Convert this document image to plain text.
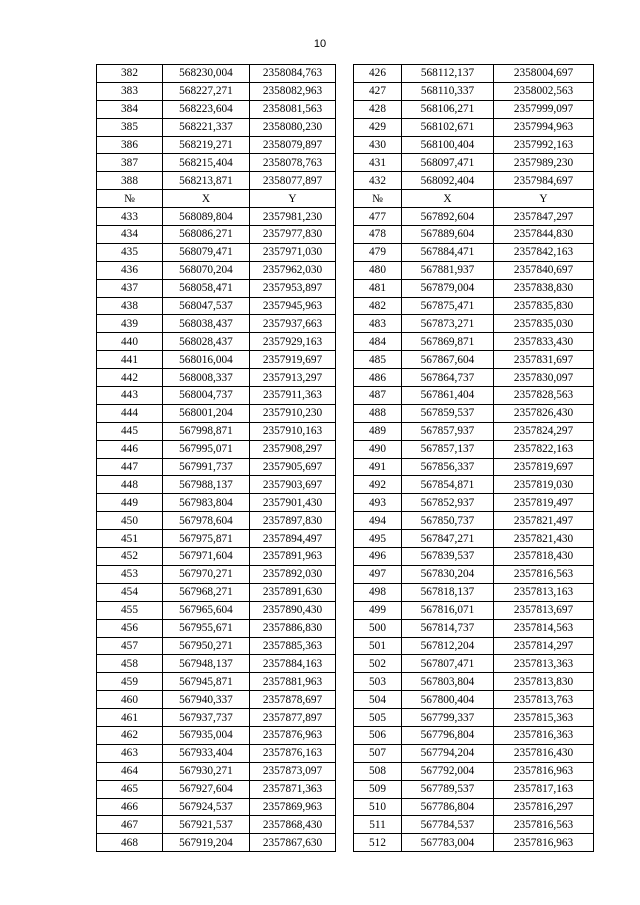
10
382	568230,004	2358084,763		426	568112,137	2358004,697
383	568227,271	2358082,963		427	568110,337	2358002,563
384	568223,604	2358081,563		428	568106,271	2357999,097
385	568221,337	2358080,230		429	568102,671	2357994,963
386	568219,271	2358079,897		430	568100,404	2357992,163
387	568215,404	2358078,763		431	568097,471	2357989,230
388	568213,871	2358077,897		432	568092,404	2357984,697
№	X	Y		№	X	Y
433	568089,804	2357981,230		477	567892,604	2357847,297
434	568086,271	2357977,830		478	567889,604	2357844,830
435	568079,471	2357971,030		479	567884,471	2357842,163
436	568070,204	2357962,030		480	567881,937	2357840,697
437	568058,471	2357953,897		481	567879,004	2357838,830
438	568047,537	2357945,963		482	567875,471	2357835,830
439	568038,437	2357937,663		483	567873,271	2357835,030
440	568028,437	2357929,163		484	567869,871	2357833,430
441	568016,004	2357919,697		485	567867,604	2357831,697
442	568008,337	2357913,297		486	567864,737	2357830,097
443	568004,737	2357911,363		487	567861,404	2357828,563
444	568001,204	2357910,230		488	567859,537	2357826,430
445	567998,871	2357910,163		489	567857,937	2357824,297
446	567995,071	2357908,297		490	567857,137	2357822,163
447	567991,737	2357905,697		491	567856,337	2357819,697
448	567988,137	2357903,697		492	567854,871	2357819,030
449	567983,804	2357901,430		493	567852,937	2357819,497
450	567978,604	2357897,830		494	567850,737	2357821,497
451	567975,871	2357894,497		495	567847,271	2357821,430
452	567971,604	2357891,963		496	567839,537	2357818,430
453	567970,271	2357892,030		497	567830,204	2357816,563
454	567968,271	2357891,630		498	567818,137	2357813,163
455	567965,604	2357890,430		499	567816,071	2357813,697
456	567955,671	2357886,830		500	567814,737	2357814,563
457	567950,271	2357885,363		501	567812,204	2357814,297
458	567948,137	2357884,163		502	567807,471	2357813,363
459	567945,871	2357881,963		503	567803,804	2357813,830
460	567940,337	2357878,697		504	567800,404	2357813,763
461	567937,737	2357877,897		505	567799,337	2357815,363
462	567935,004	2357876,963		506	567796,804	2357816,363
463	567933,404	2357876,163		507	567794,204	2357816,430
464	567930,271	2357873,097		508	567792,004	2357816,963
465	567927,604	2357871,363		509	567789,537	2357817,163
466	567924,537	2357869,963		510	567786,804	2357816,297
467	567921,537	2357868,430		511	567784,537	2357816,563
468	567919,204	2357867,630		512	567783,004	2357816,963
